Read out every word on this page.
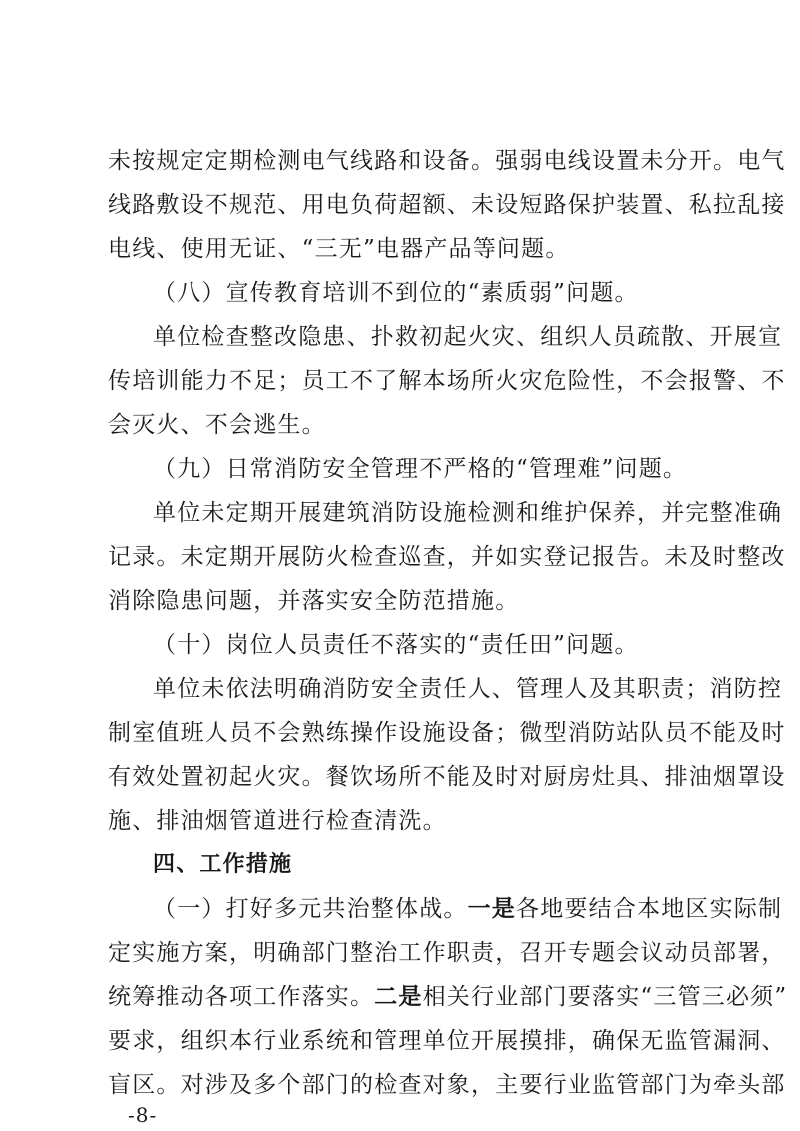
未按规定定期检测电气线路和设备。强弱电线设置未分开。电气
线路敷设不规范、用电负荷超额、未设短路保护装置、私拉乱接
电线、使用无证、“三无”电器产品等问题。
（八）宣传教育培训不到位的“素质弱”问题。
单位检查整改隐患、扑救初起火灾、组织人员疏散、开展宣
传培训能力不足；员工不了解本场所火灾危险性，不会报警、不
会灭火、不会逃生。
（九）日常消防安全管理不严格的“管理难”问题。
单位未定期开展建筑消防设施检测和维护保养，并完整准确
记录。未定期开展防火检查巡查，并如实登记报告。未及时整改
消除隐患问题，并落实安全防范措施。
（十）岗位人员责任不落实的“责任田”问题。
单位未依法明确消防安全责任人、管理人及其职责；消防控
制室值班人员不会熟练操作设施设备；微型消防站队员不能及时
有效处置初起火灾。餐饮场所不能及时对厨房灶具、排油烟罩设
施、排油烟管道进行检查清洗。
四、工作措施
（一）打好多元共治整体战。一是各地要结合本地区实际制
定实施方案，明确部门整治工作职责，召开专题会议动员部署，
统筹推动各项工作落实。二是相关行业部门要落实“三管三必须”
要求，组织本行业系统和管理单位开展摸排，确保无监管漏洞、
盲区。对涉及多个部门的检查对象，主要行业监管部门为牵头部
-8-
